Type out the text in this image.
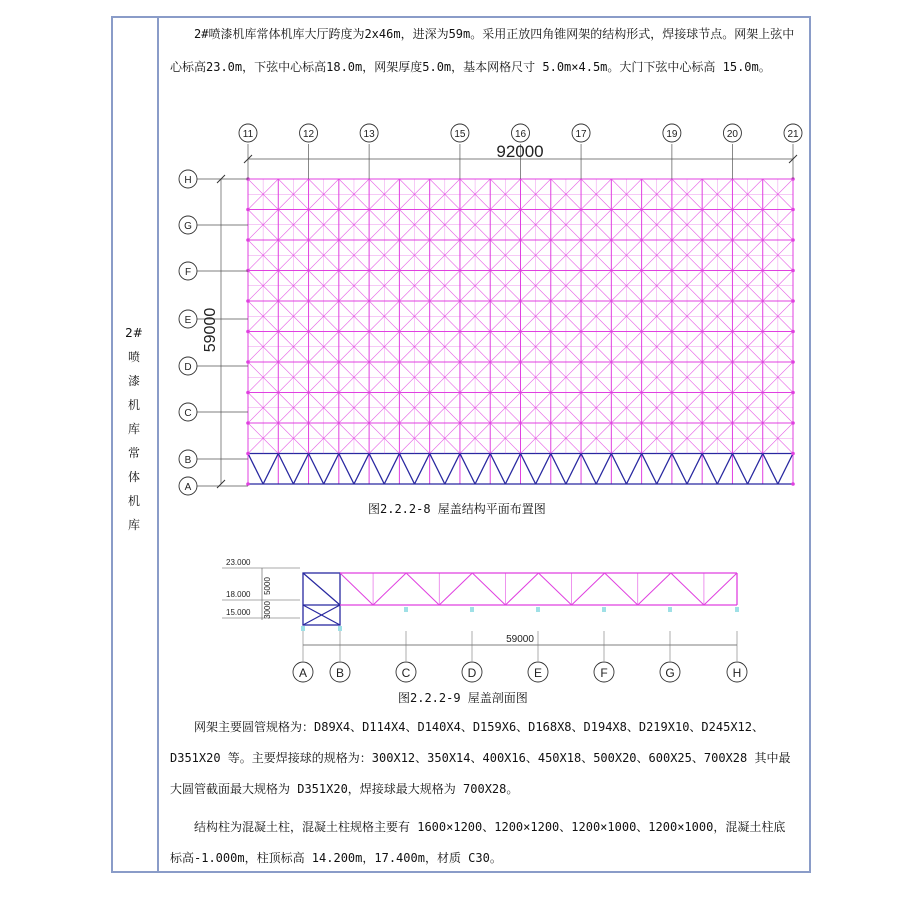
2#
喷
漆
机
库
常
体
机
库
2#喷漆机库常体机库大厅跨度为2x46m，进深为59m。采用正放四角锥网架的结构形式，焊接球节点。网架上弦中心标高23.0m，下弦中心标高18.0m，网架厚度5.0m，基本网格尺寸 5.0m×4.5m。大门下弦中心标高 15.0m。
11	12	13	15	16	17	19	20	21
92000
H
G
F
E
D
C
B
A
59000
23.000
18.000
15.000
5000
3000
59000
A B	C	D	E	F	G	H
图2.2.2-8 屋盖结构平面布置图
图2.2.2-9 屋盖剖面图
网架主要圆管规格为：D89X4、D114X4、D140X4、D159X6、D168X8、D194X8、D219X10、D245X12、D351X20 等。主要焊接球的规格为：300X12、350X14、400X16、450X18、500X20、600X25、700X28 其中最大圆管截面最大规格为 D351X20，焊接球最大规格为 700X28。
结构柱为混凝土柱，混凝土柱规格主要有 1600×1200、1200×1200、1200×1000、1200×1000，混凝土柱底标高-1.000m，柱顶标高 14.200m，17.400m，材质 C30。
